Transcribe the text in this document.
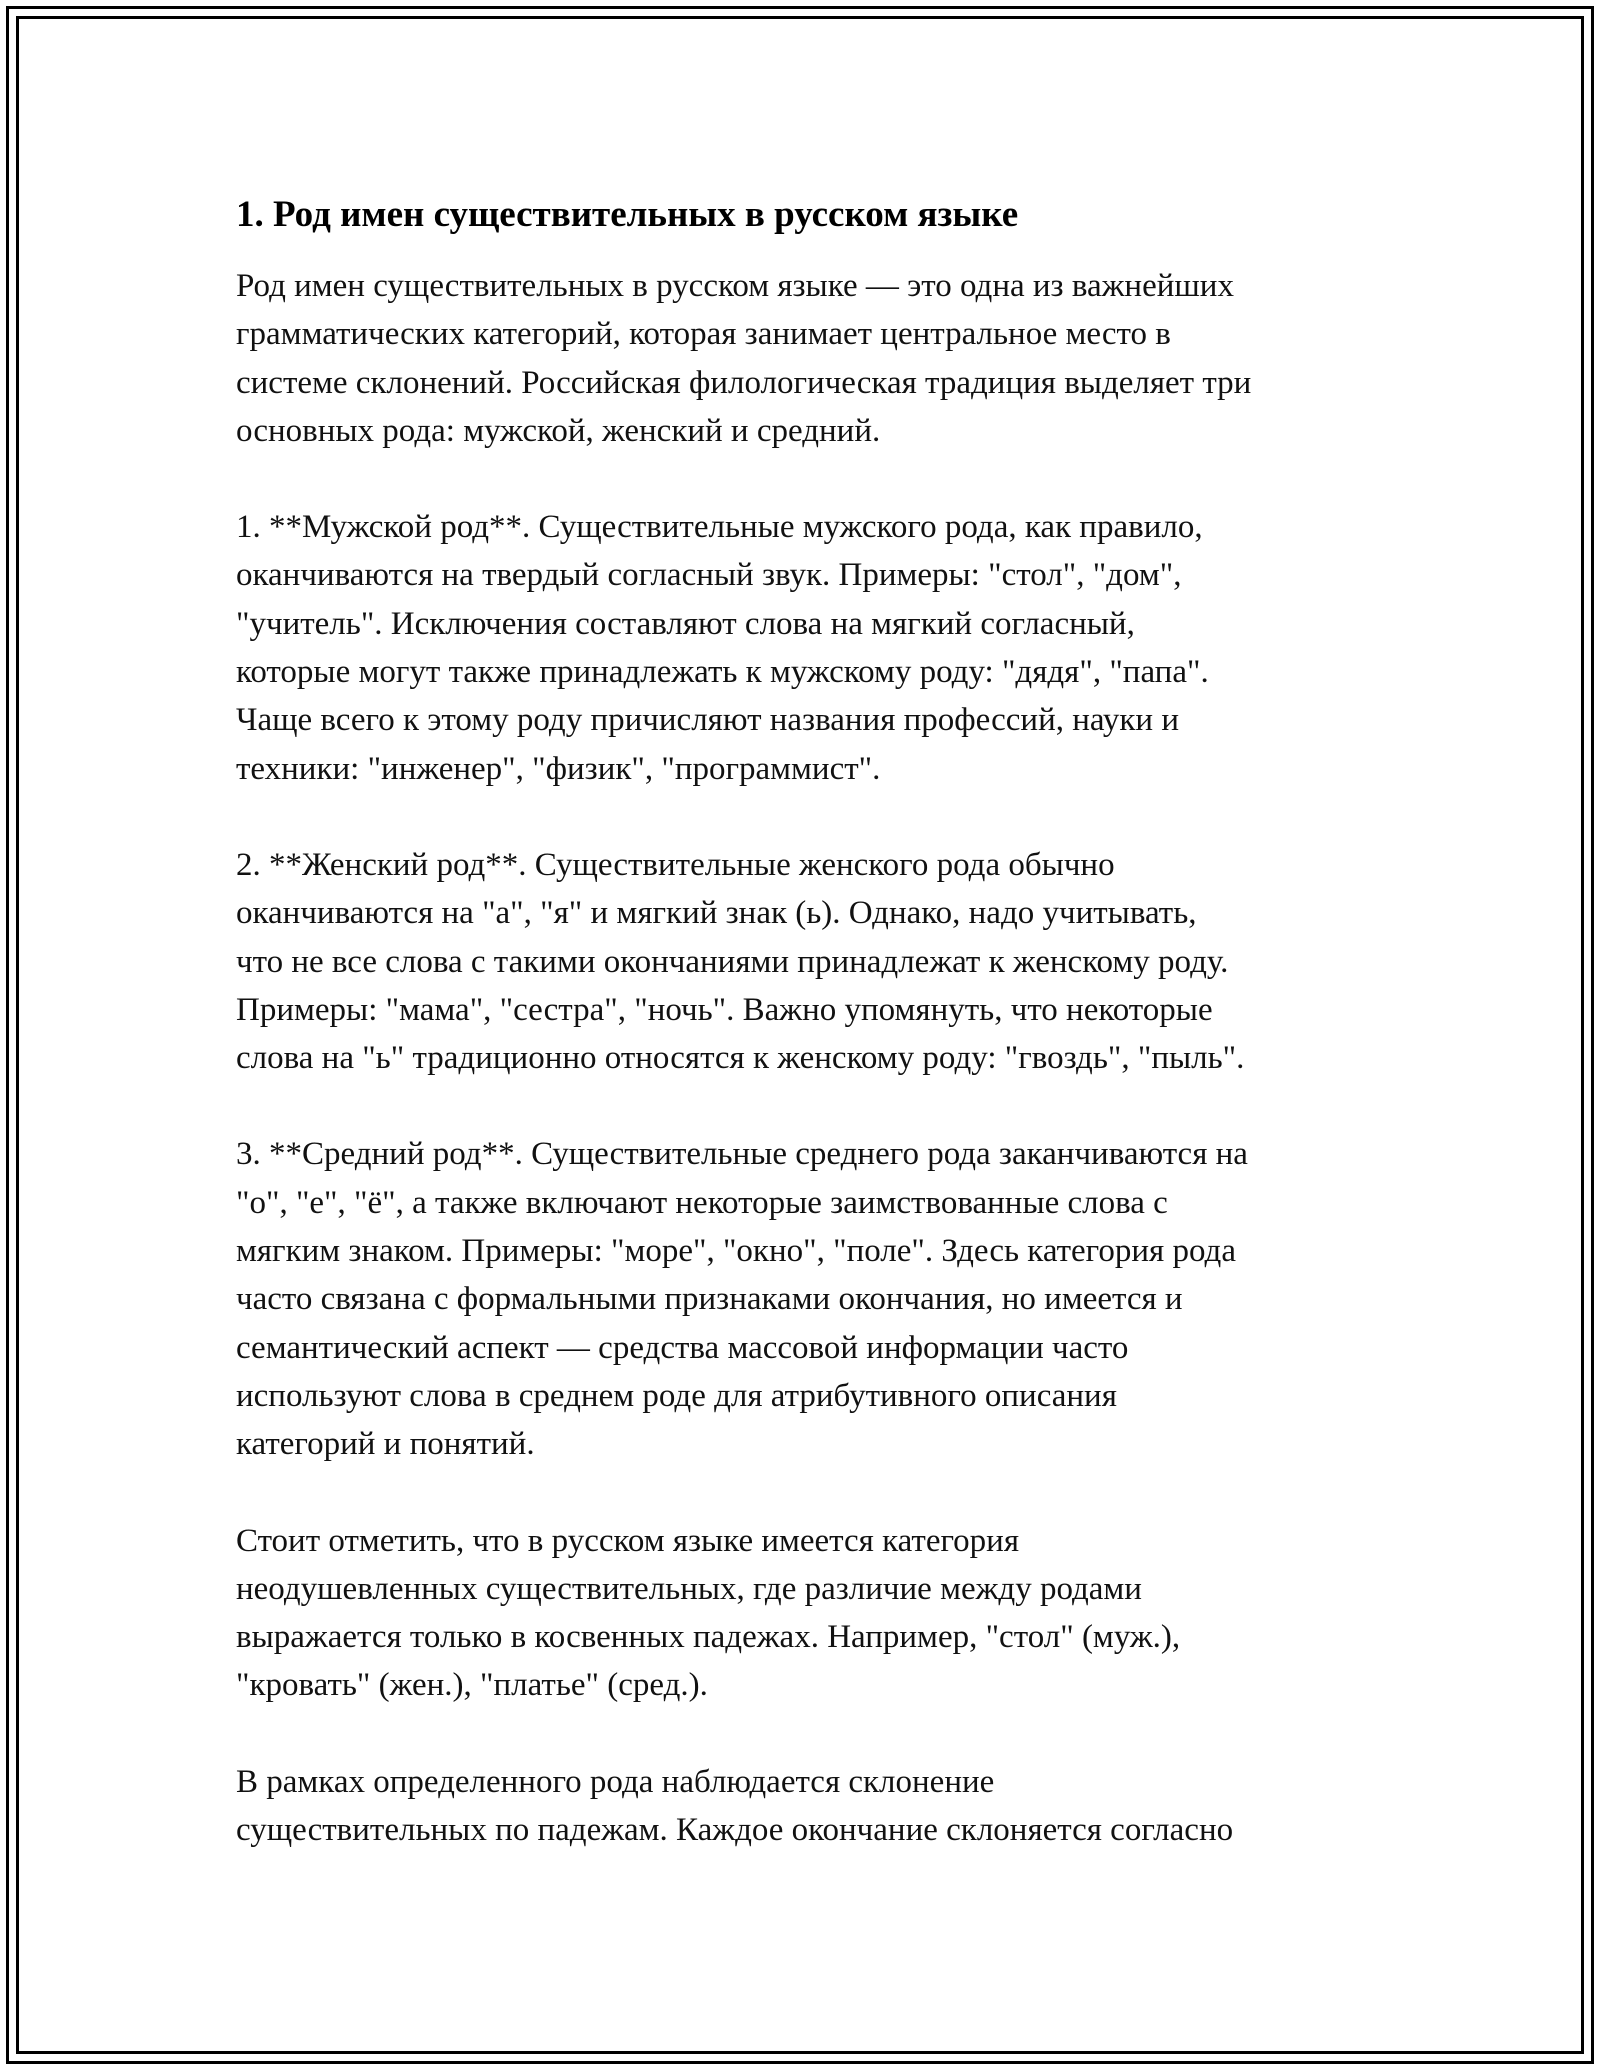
1. Род имен существительных в русском языке

Род имен существительных в русском языке — это одна из важнейших
грамматических категорий, которая занимает центральное место в
системе склонений. Российская филологическая традиция выделяет три
основных рода: мужской, женский и средний.

1. **Мужской род**. Существительные мужского рода, как правило,
оканчиваются на твердый согласный звук. Примеры: "стол", "дом",
"учитель". Исключения составляют слова на мягкий согласный,
которые могут также принадлежать к мужскому роду: "дядя", "папа".
Чаще всего к этому роду причисляют названия профессий, науки и
техники: "инженер", "физик", "программист".

2. **Женский род**. Существительные женского рода обычно
оканчиваются на "а", "я" и мягкий знак (ь). Однако, надо учитывать,
что не все слова с такими окончаниями принадлежат к женскому роду.
Примеры: "мама", "сестра", "ночь". Важно упомянуть, что некоторые
слова на "ь" традиционно относятся к женскому роду: "гвоздь", "пыль".

3. **Средний род**. Существительные среднего рода заканчиваются на
"о", "е", "ё", а также включают некоторые заимствованные слова с
мягким знаком. Примеры: "море", "окно", "поле". Здесь категория рода
часто связана с формальными признаками окончания, но имеется и
семантический аспект — средства массовой информации часто
используют слова в среднем роде для атрибутивного описания
категорий и понятий.

Стоит отметить, что в русском языке имеется категория
неодушевленных существительных, где различие между родами
выражается только в косвенных падежах. Например, "стол" (муж.),
"кровать" (жен.), "платье" (сред.).

В рамках определенного рода наблюдается склонение
существительных по падежам. Каждое окончание склоняется согласно
